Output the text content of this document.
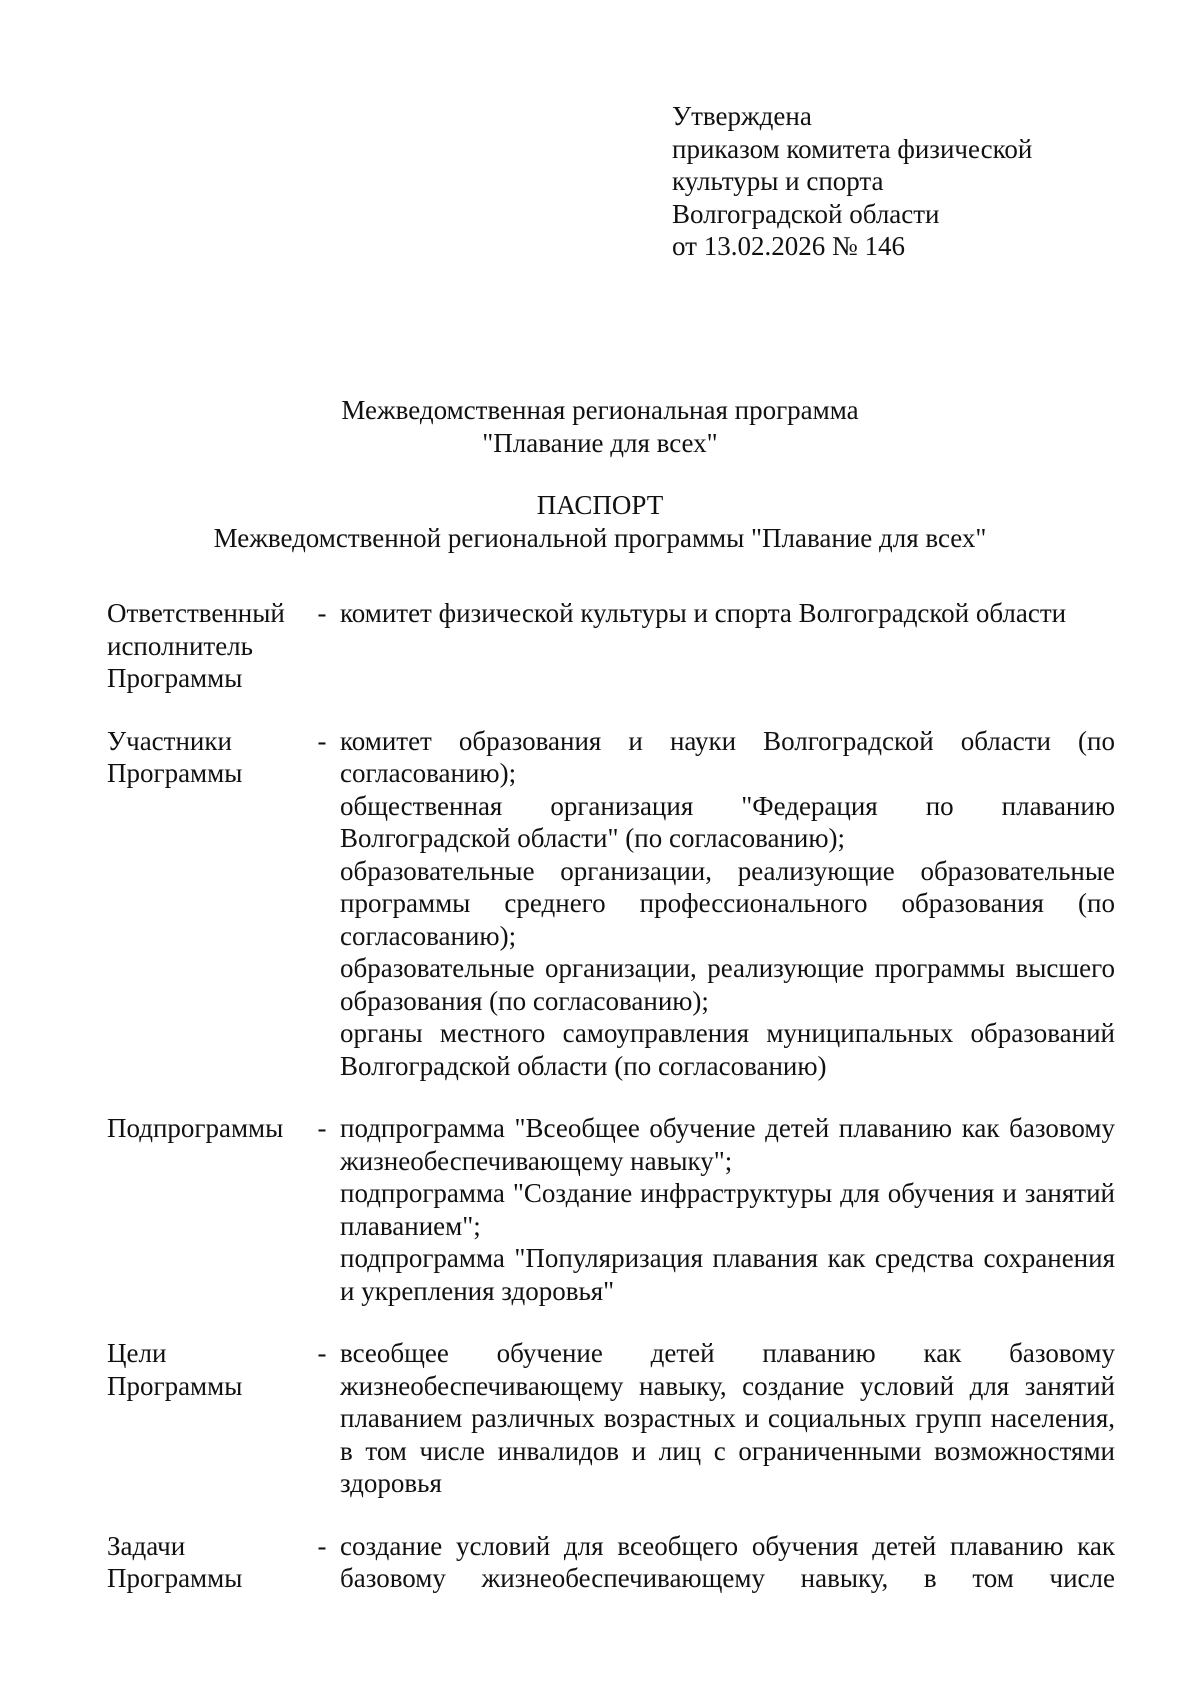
Утверждена
приказом комитета физической
культуры и спорта
Волгоградской области
от 13.02.2026 № 146
Межведомственная региональная программа
"Плавание для всех"
ПАСПОРТ
Межведомственной региональной программы "Плавание для всех"
Ответственный
исполнитель
Программы
- комитет физической культуры и спорта Волгоградской области

Участники
Программы
- комитет образования и науки Волгоградской области (по согласованию);

общественная организация "Федерация по плаванию Волгоградской области" (по согласованию);

образовательные организации, реализующие образовательные программы среднего профессионального образования (по согласованию);

образовательные организации, реализующие программы высшего образования (по согласованию);

органы местного самоуправления муниципальных образований Волгоградской области (по согласованию)

Подпрограммы	- подпрограмма "Всеобщее обучение детей плаванию как базовому жизнеобеспечивающему навыку";

подпрограмма "Создание инфраструктуры для обучения и занятий плаванием";

подпрограмма "Популяризация плавания как средства сохранения и укрепления здоровья"

Цели
Программы
- всеобщее обучение детей плаванию как базовому жизнеобеспечивающему навыку, создание условий для занятий плаванием различных возрастных и социальных групп населения, в том числе инвалидов и лиц с ограниченными возможностями здоровья

Задачи
Программы
- создание условий для всеобщего обучения детей плаванию как базовому жизнеобеспечивающему навыку, в том числе
